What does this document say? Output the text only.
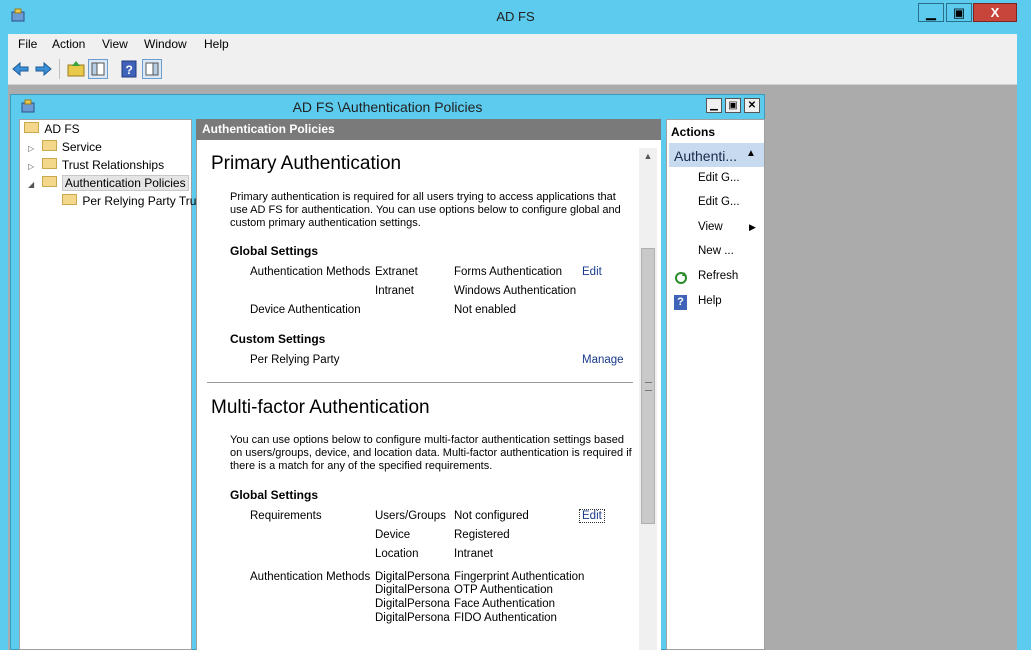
AD FS	▁	▣	X
File Action View Window Help
?
AD FS \Authentication Policies	▁	▣	✕
AD FS
▷ Service
▷ Trust Relationships
◢	Authentication Policies
Per Relying Party Tru
Authentication Policies
Primary Authentication
Primary authentication is required for all users trying to access applications that use AD FS for authentication. You can use options below to configure global and custom primary authentication settings.
Global Settings
Authentication Methods Extranet	Forms Authentication Edit
Intranet	Windows Authentication
Device Authentication	Not enabled
Custom Settings
Per Relying Party	Manage
Multi-factor Authentication
You can use options below to configure multi-factor authentication settings based on users/groups, device, and location data. Multi-factor authentication is required if there is a match for any of the specified requirements.
Global Settings
Requirements	Users/Groups Not configured	Edit
Device	Registered
Location	Intranet
Authentication Methods DigitalPersona Fingerprint Authentication
DigitalPersona OTP Authentication
DigitalPersona Face Authentication
DigitalPersona FIDO Authentication
▲
Actions
Authenti... ▲
Edit G...
Edit G...
View	▶
New ...
Refresh
? Help
